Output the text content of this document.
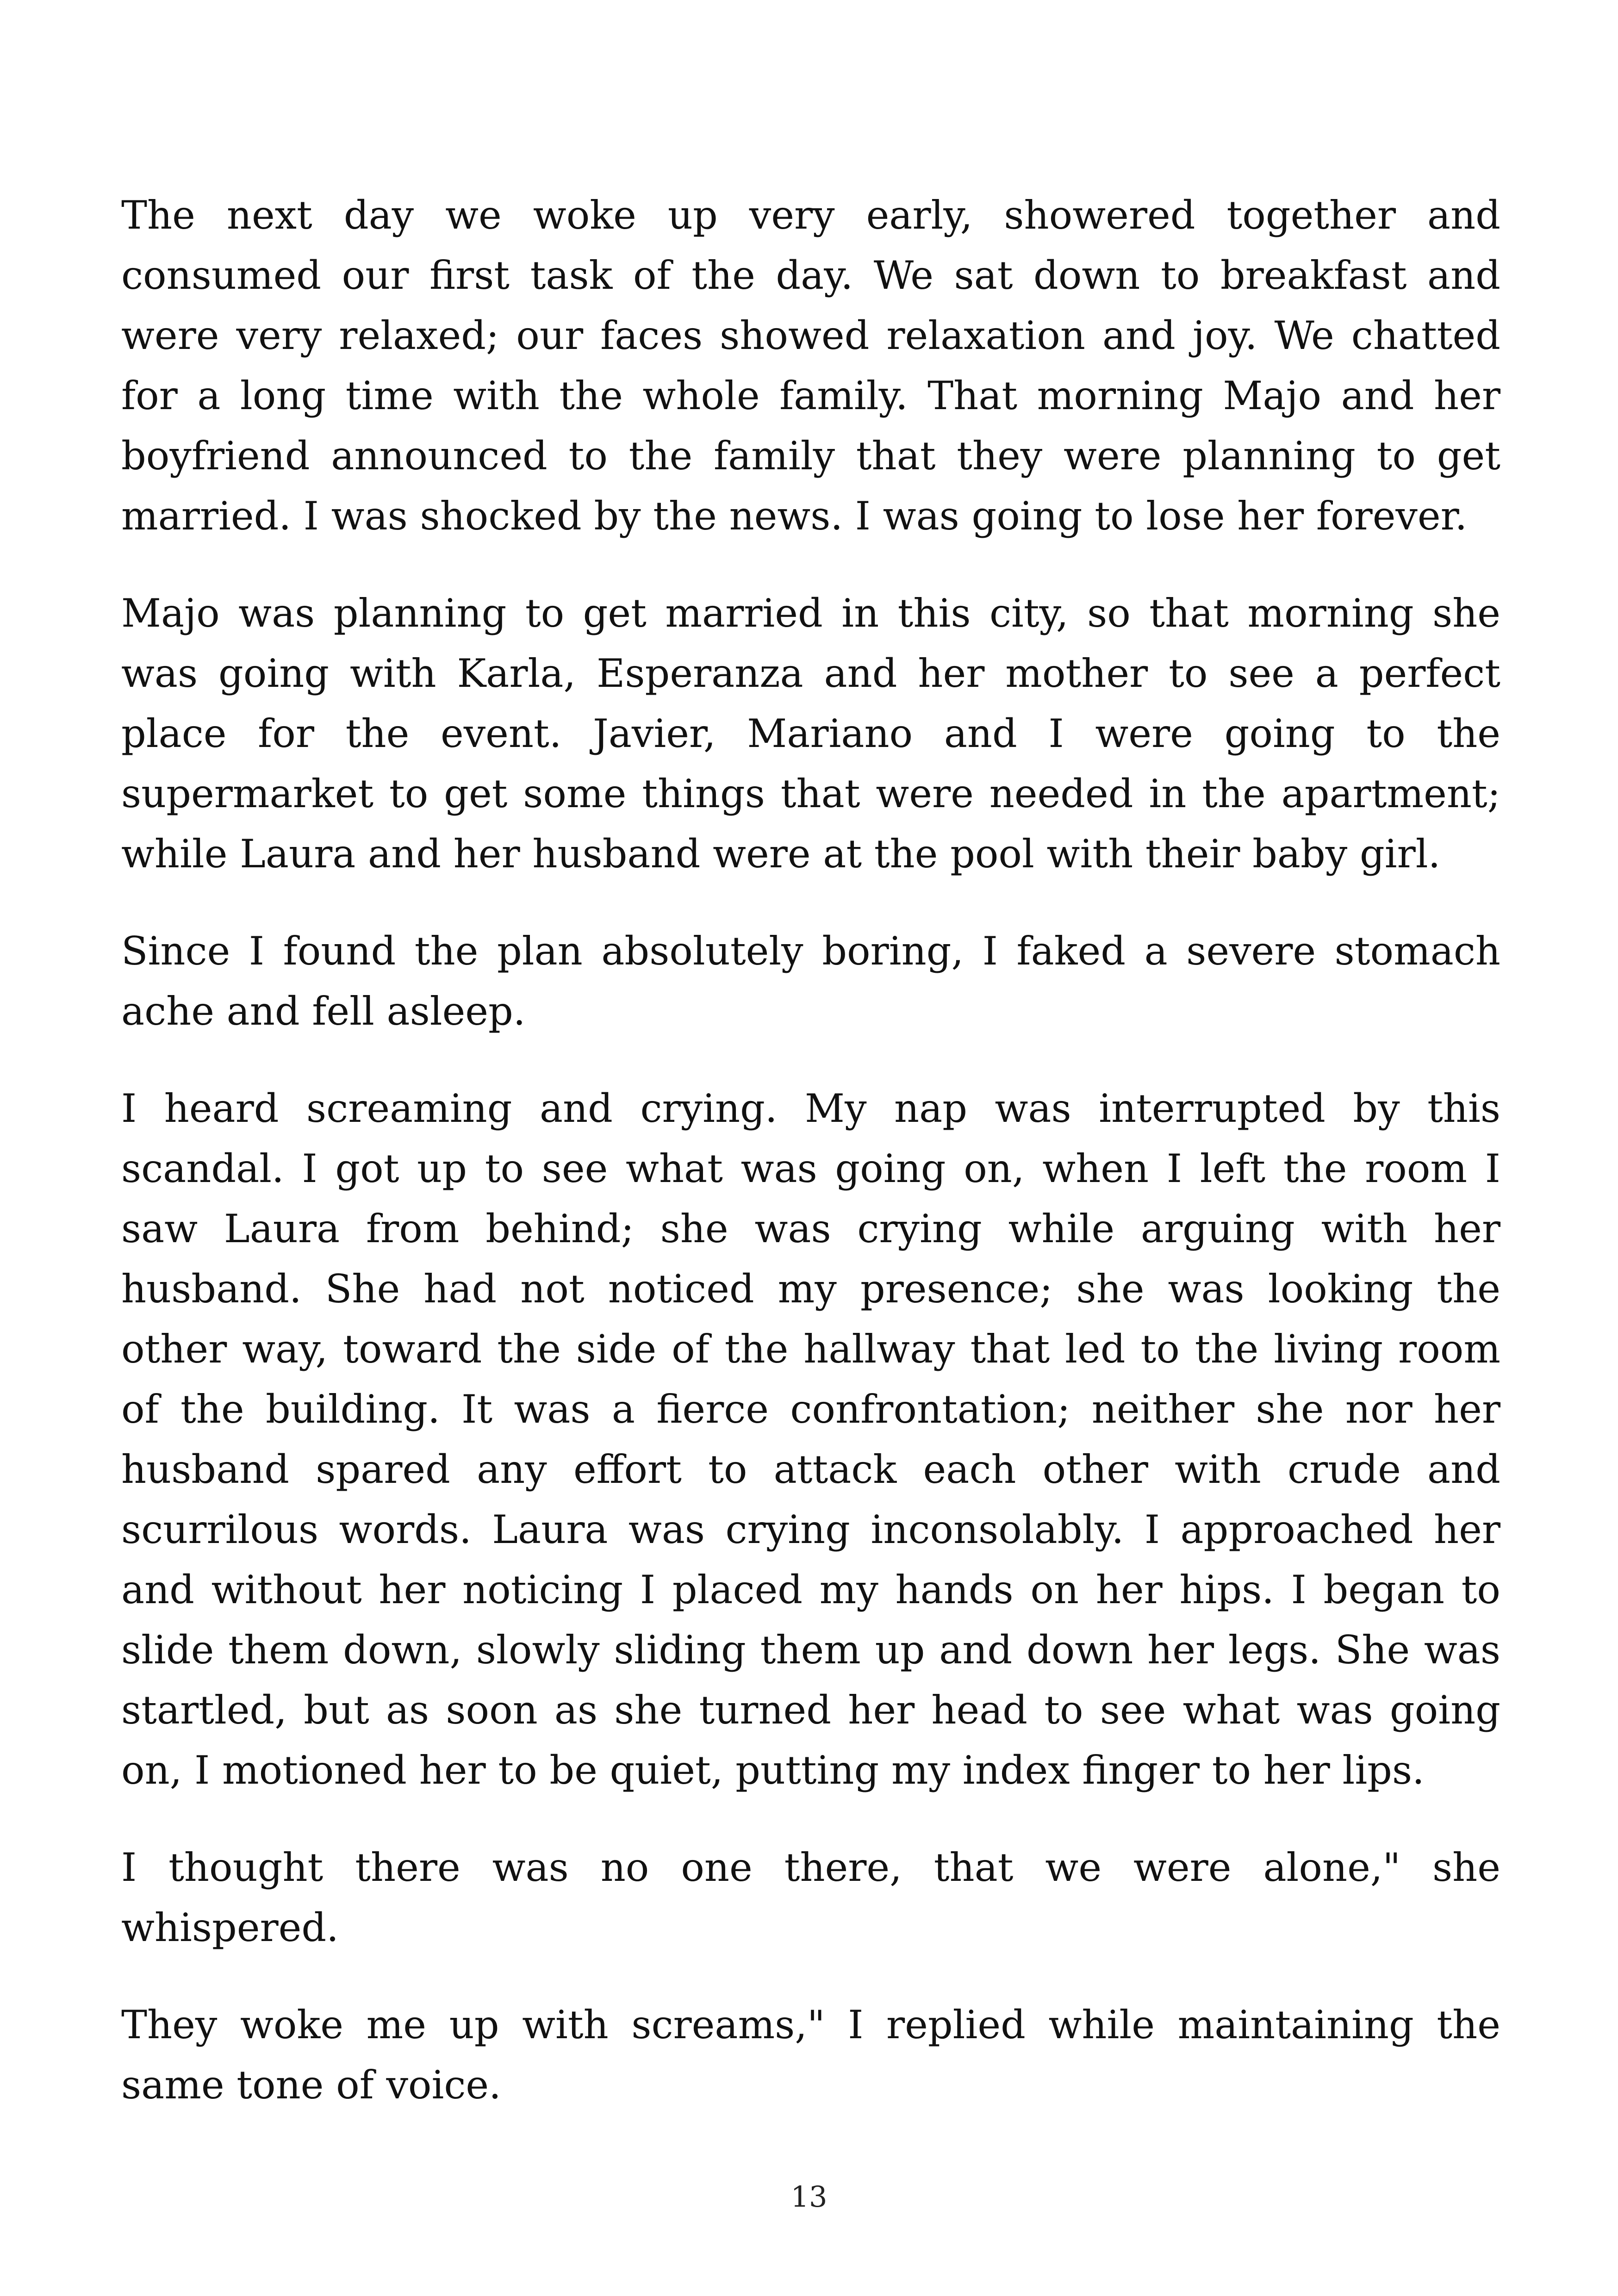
The next day we woke up very early, showered together and consumed our first task of the day. We sat down to breakfast and were very relaxed; our faces showed relaxation and joy. We chatted for a long time with the whole family. That morning Majo and her boyfriend announced to the family that they were planning to get married. I was shocked by the news. I was going to lose her forever.

Majo was planning to get married in this city, so that morning she was going with Karla, Esperanza and her mother to see a perfect place for the event. Javier, Mariano and I were going to the supermarket to get some things that were needed in the apartment; while Laura and her husband were at the pool with their baby girl.

Since I found the plan absolutely boring, I faked a severe stomach ache and fell asleep.

I heard screaming and crying. My nap was interrupted by this scandal. I got up to see what was going on, when I left the room I saw Laura from behind; she was crying while arguing with her husband. She had not noticed my presence; she was looking the other way, toward the side of the hallway that led to the living room of the building. It was a fierce confrontation; neither she nor her husband spared any effort to attack each other with crude and scurrilous words. Laura was crying inconsolably. I approached her and without her noticing I placed my hands on her hips. I began to slide them down, slowly sliding them up and down her legs. She was startled, but as soon as she turned her head to see what was going on, I motioned her to be quiet, putting my index finger to her lips.

I thought there was no one there, that we were alone," she whispered.

They woke me up with screams," I replied while maintaining the same tone of voice.

13
